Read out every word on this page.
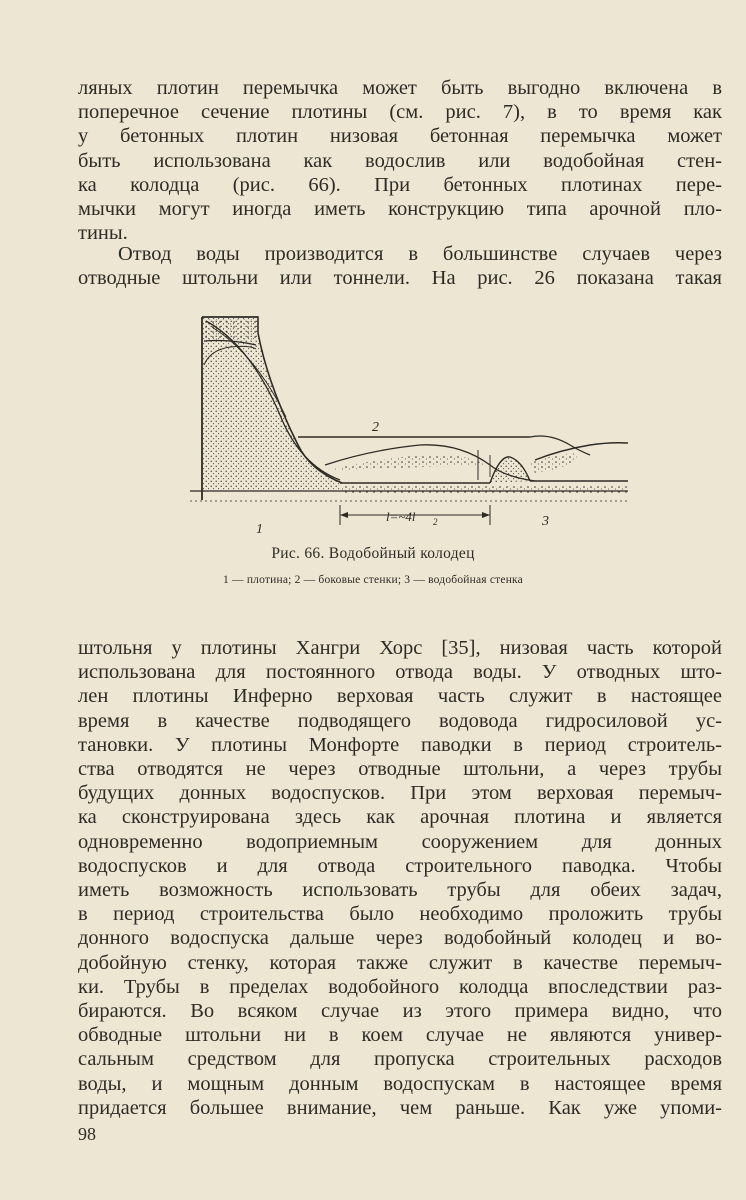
ляных плотин перемычка может быть выгодно включена в
поперечное сечение плотины (см. рис. 7), в то время как
у бетонных плотин низовая бетонная перемычка может
быть использована как водослив или водобойная стен-
ка колодца (рис. 66). При бетонных плотинах пере-
мычки могут иногда иметь конструкцию типа арочной пло-
тины.
Отвод воды производится в большинстве случаев через
отводные штольни или тоннели. На рис. 26 показана такая
l=~4l 2
1
2
3
Рис. 66. Водобойный колодец
1 — плотина; 2 — боковые стенки; 3 — водобойная стенка
штольня у плотины Хангри Хорс [35], низовая часть которой
использована для постоянного отвода воды. У отводных што-
лен плотины Инферно верховая часть служит в настоящее
время в качестве подводящего водовода гидросиловой ус-
тановки. У плотины Монфорте паводки в период строитель-
ства отводятся не через отводные штольни, а через трубы
будущих донных водоспусков. При этом верховая перемыч-
ка сконструирована здесь как арочная плотина и является
одновременно водоприемным сооружением для донных
водоспусков и для отвода строительного паводка. Чтобы
иметь возможность использовать трубы для обеих задач,
в период строительства было необходимо проложить трубы
донного водоспуска дальше через водобойный колодец и во-
добойную стенку, которая также служит в качестве перемыч-
ки. Трубы в пределах водобойного колодца впоследствии раз-
бираются. Во всяком случае из этого примера видно, что
обводные штольни ни в коем случае не являются универ-
сальным средством для пропуска строительных расходов
воды, и мощным донным водоспускам в настоящее время
придается большее внимание, чем раньше. Как уже упоми-
98
